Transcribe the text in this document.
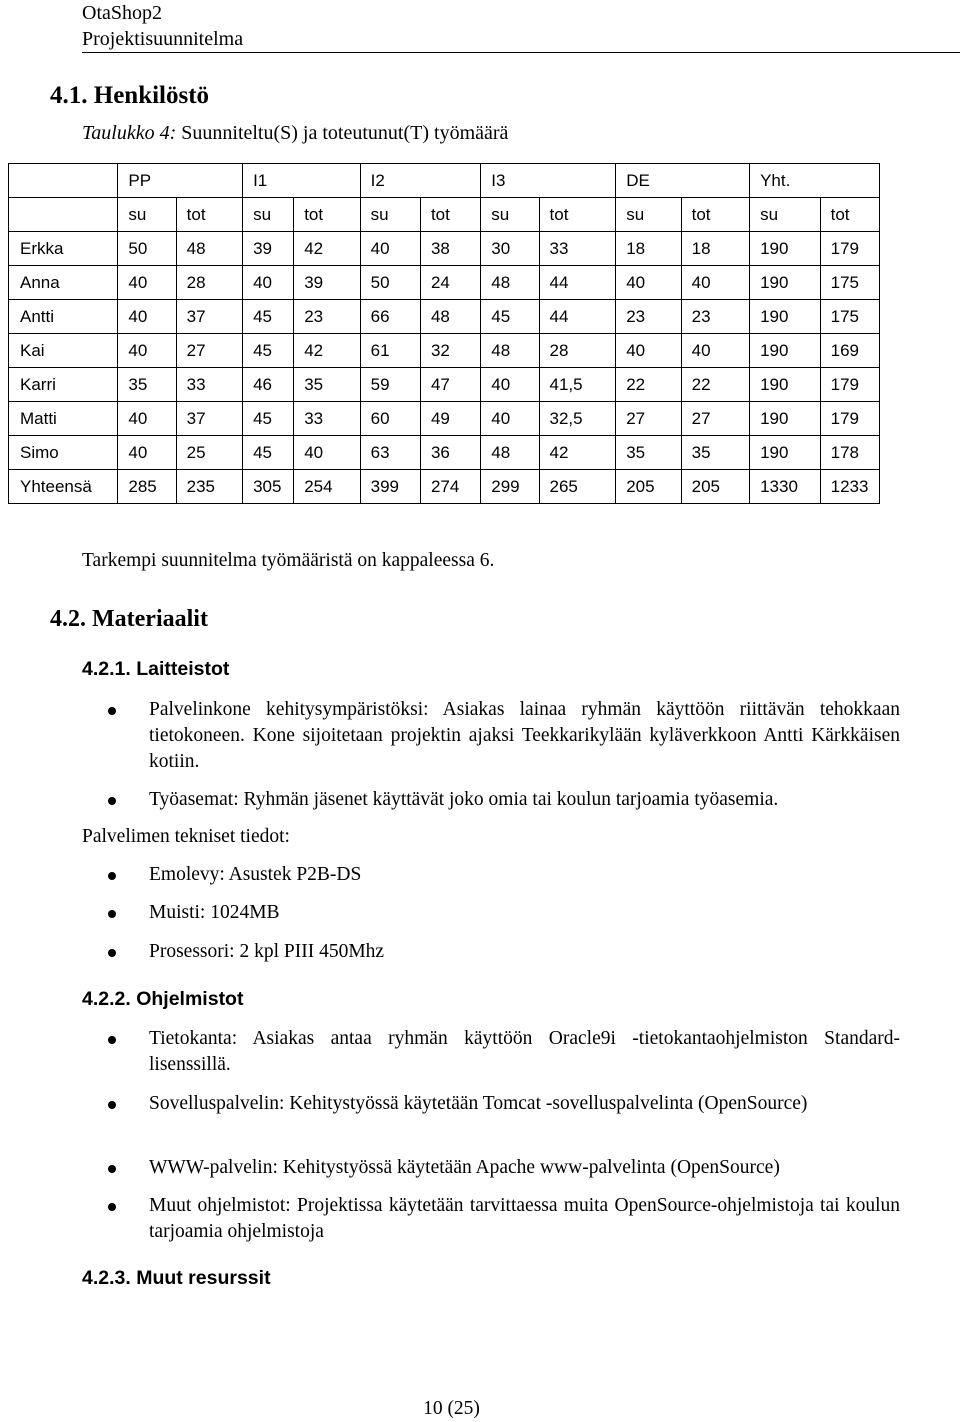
OtaShop2
Projektisuunnitelma
4.1. Henkilöstö
Taulukko 4: Suunniteltu(S) ja toteutunut(T) työmäärä
	PP		I1		I2		I3		DE		Yht.	
	su	tot	su	tot	su	tot	su	tot	su	tot	su	tot
Erkka	50	48	39	42	40	38	30	33	18	18	190	179
Anna	40	28	40	39	50	24	48	44	40	40	190	175
Antti	40	37	45	23	66	48	45	44	23	23	190	175
Kai	40	27	45	42	61	32	48	28	40	40	190	169
Karri	35	33	46	35	59	47	40	41,5	22	22	190	179
Matti	40	37	45	33	60	49	40	32,5	27	27	190	179
Simo	40	25	45	40	63	36	48	42	35	35	190	178
Yhteensä	285	235	305	254	399	274	299	265	205	205	1330	1233
Tarkempi suunnitelma työmääristä on kappaleessa 6.
4.2. Materiaalit
4.2.1. Laitteistot
Palvelinkone kehitysympäristöksi: Asiakas lainaa ryhmän käyttöön riittävän tehokkaan tietokoneen. Kone sijoitetaan projektin ajaksi Teekkarikylään kyläverkkoon Antti Kärkkäisen kotiin.
Työasemat: Ryhmän jäsenet käyttävät joko omia tai koulun tarjoamia työasemia.
Palvelimen tekniset tiedot:
Emolevy: Asustek P2B-DS
Muisti: 1024MB
Prosessori: 2 kpl PIII 450Mhz
4.2.2. Ohjelmistot
Tietokanta: Asiakas antaa ryhmän käyttöön Oracle9i -tietokantaohjelmiston Standard-lisenssillä.
Sovelluspalvelin: Kehitystyössä käytetään Tomcat -sovelluspalvelinta (OpenSource)
WWW-palvelin: Kehitystyössä käytetään Apache www-palvelinta (OpenSource)
Muut ohjelmistot: Projektissa käytetään tarvittaessa muita OpenSource-ohjelmistoja tai koulun tarjoamia ohjelmistoja
4.2.3. Muut resurssit
10 (25)
